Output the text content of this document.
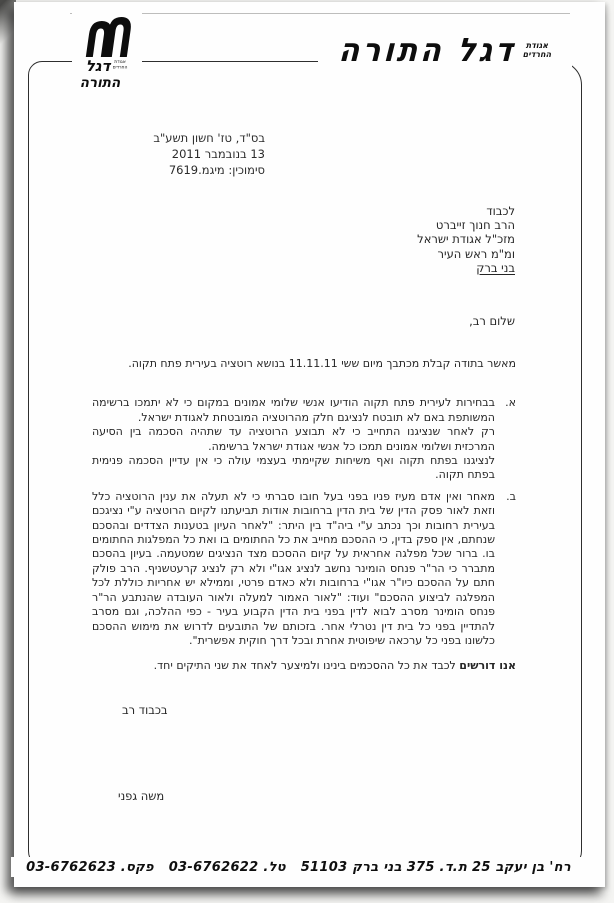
דגל אגודת
החרדים
התורה
אגודת
החרדים
דגל התורה
בס"ד, טז' חשון תשע"ב
13 בנובמבר 2011
סימוכין: מיגמ.7619
לכבוד
הרב חנוך זייברט
מזכ"ל אגודת ישראל
ומ"מ ראש העיר
בני ברק
שלום רב,
מאשר בתודה קבלת מכתבך מיום ששי 11.11.11 בנושא רוטציה בעירית פתח תקוה.
א.
בבחירות לעירית פתח תקוה הודיעו אנשי שלומי אמונים במקום כי לא יתמכו ברשימה המשותפת באם לא תובטח לנציגם חלק מהרוטציה המובטחת לאגודת ישראל.
רק לאחר שנציגנו התחייב כי לא תבוצע הרוטציה עד שתהיה הסכמה בין הסיעה המרכזית ושלומי אמונים תמכו כל אנשי אגודת ישראל ברשימה.
לנציגנו בפתח תקוה ואף משיחות שקיימתי בעצמי עולה כי אין עדיין הסכמה פנימית בפתח תקוה.
ב.
מאחר ואין אדם מעיז פניו בפני בעל חובו סברתי כי לא תעלה את ענין הרוטציה כלל וזאת לאור פסק הדין של בית הדין ברחובות אודות תביעתנו לקיום הרוטציה ע"י נציגכם בעירית רחובות וכך נכתב ע"י ביה"ד בין היתר: "לאחר העיון בטענות הצדדים ובהסכם שנחתם, אין ספק בדין, כי ההסכם מחייב את כל החתומים בו ואת כל המפלגות החתומים בו. ברור שכל מפלגה אחראית על קיום ההסכם מצד הנציגים שמטעמה. בעיון בהסכם מתברר כי הר"ר פנחס הומינר נחשב לנציג אגו"י ולא רק לנציג קרעטשניף. הרב פולק חתם על ההסכם כיו"ר אגו"י ברחובות ולא כאדם פרטי, וממילא יש אחריות כוללת לכל המפלגה לביצוע ההסכם" ועוד: "לאור האמור למעלה ולאור העובדה שהנתבע הר"ר פנחס הומינר מסרב לבוא לדין בפני בית הדין הקבוע בעיר - כפי ההלכה, וגם מסרב להתדיין בפני כל בית דין נטרלי אחר. בזכותם של התובעים לדרוש את מימוש ההסכם כלשונו בפני כל ערכאה שיפוטית אחרת ובכל דרך חוקית אפשרית".
אנו דורשים לכבד את כל ההסכמים בינינו ולמיצער לאחד את שני התיקים יחד.
בכבוד רב
משה גפני
רח' בן יעקב 25 ת.ד. 375 בני ברק 51103 טל. 03-6762622 פקס. 03-6762623
